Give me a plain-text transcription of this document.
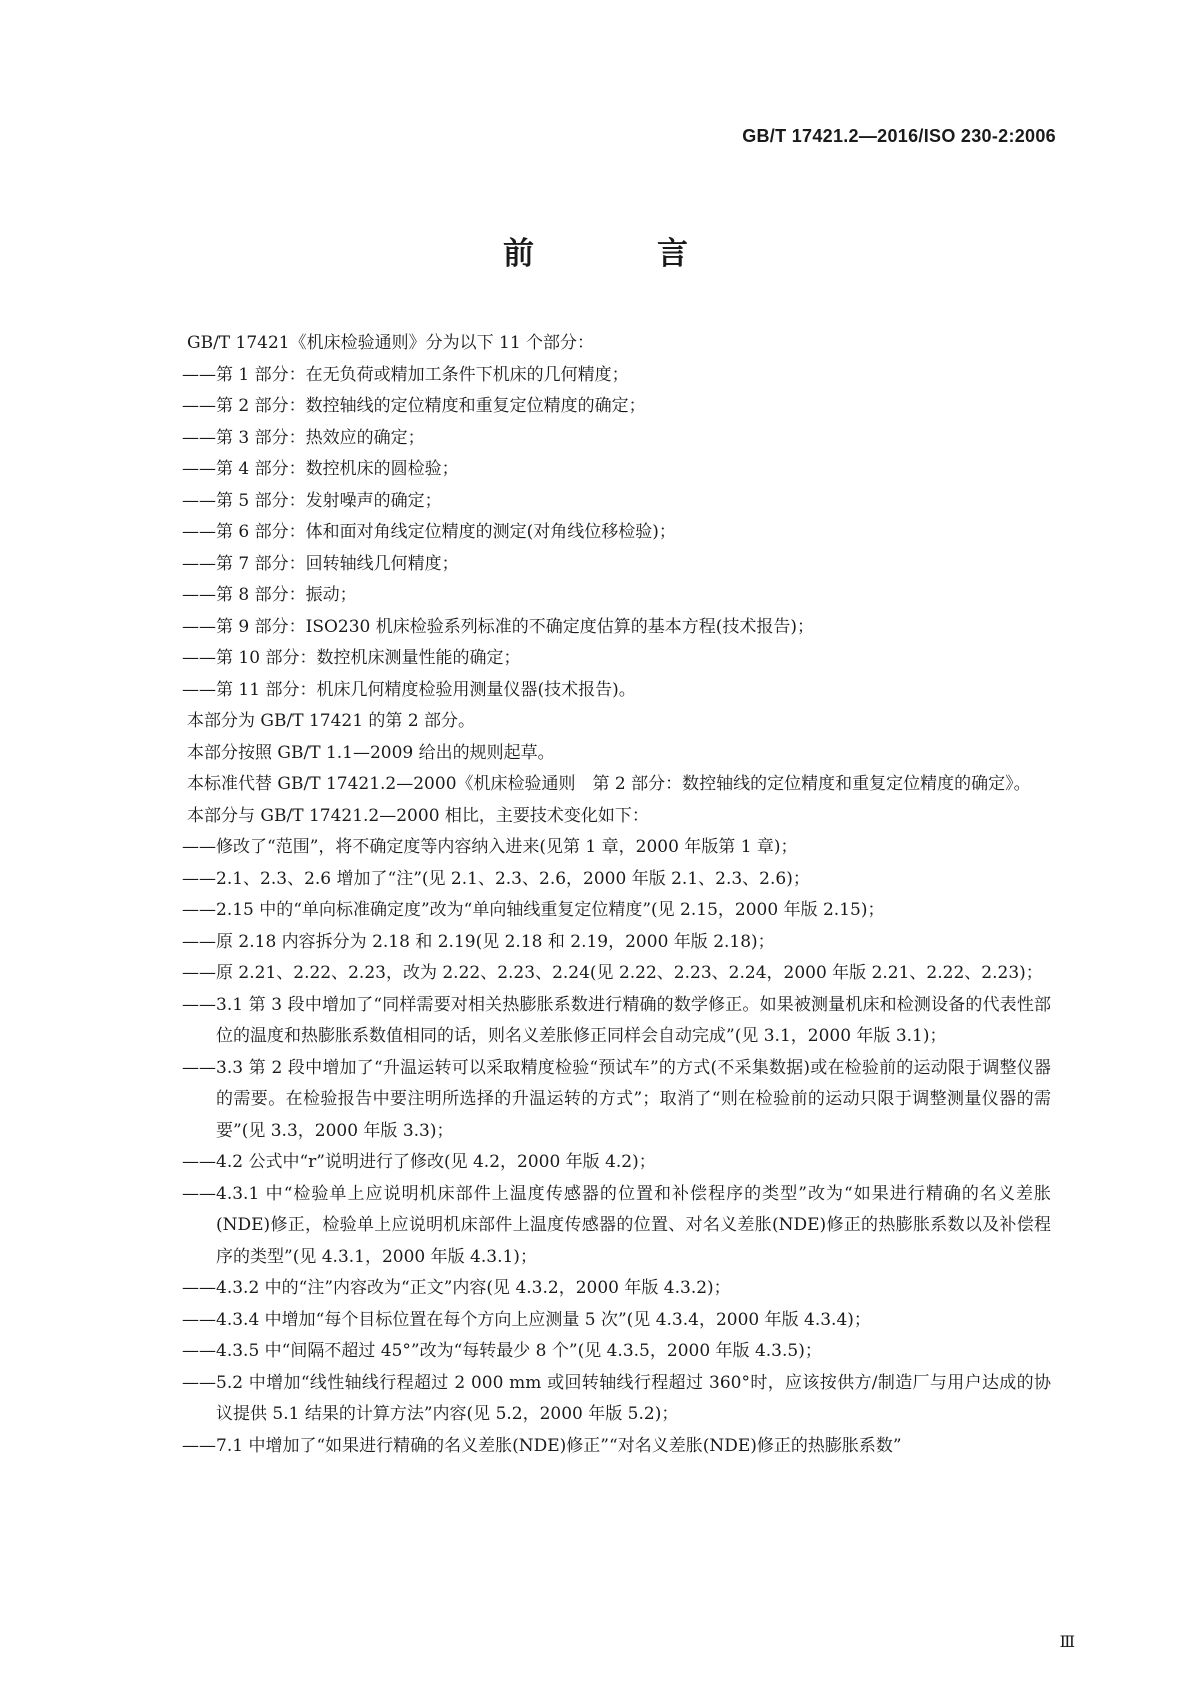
GB/T 17421.2—2016/ISO 230-2:2006
前　言

GB/T 17421《机床检验通则》分为以下 11 个部分：

—— 第 1 部分：在无负荷或精加工条件下机床的几何精度；

—— 第 2 部分：数控轴线的定位精度和重复定位精度的确定；

—— 第 3 部分：热效应的确定；

—— 第 4 部分：数控机床的圆检验；

—— 第 5 部分：发射噪声的确定；

—— 第 6 部分：体和面对角线定位精度的测定(对角线位移检验)；

—— 第 7 部分：回转轴线几何精度；

—— 第 8 部分：振动；

—— 第 9 部分：ISO230 机床检验系列标准的不确定度估算的基本方程(技术报告)；

—— 第 10 部分：数控机床测量性能的确定；

—— 第 11 部分：机床几何精度检验用测量仪器(技术报告)。

本部分为 GB/T 17421 的第 2 部分。

本部分按照 GB/T 1.1—2009 给出的规则起草。

本标准代替 GB/T 17421.2—2000《机床检验通则　第 2 部分：数控轴线的定位精度和重复定位精度的确定》。

本部分与 GB/T 17421.2—2000 相比，主要技术变化如下：

—— 修改了“范围”，将不确定度等内容纳入进来(见第 1 章，2000 年版第 1 章)；

—— 2.1、2.3、2.6 增加了“注”(见 2.1、2.3、2.6，2000 年版 2.1、2.3、2.6)；

—— 2.15 中的“单向标准确定度”改为“单向轴线重复定位精度”(见 2.15，2000 年版 2.15)；

—— 原 2.18 内容拆分为 2.18 和 2.19(见 2.18 和 2.19，2000 年版 2.18)；

—— 原 2.21、2.22、2.23，改为 2.22、2.23、2.24(见 2.22、2.23、2.24，2000 年版 2.21、2.22、2.23)；

—— 3.1 第 3 段中增加了“同样需要对相关热膨胀系数进行精确的数学修正。如果被测量机床和检测设备的代表性部位的温度和热膨胀系数值相同的话，则名义差胀修正同样会自动完成”(见 3.1，2000 年版 3.1)；

—— 3.3 第 2 段中增加了“升温运转可以采取精度检验“预试车”的方式(不采集数据)或在检验前的运动限于调整仪器的需要。在检验报告中要注明所选择的升温运转的方式”；取消了“则在检验前的运动只限于调整测量仪器的需要”(见 3.3，2000 年版 3.3)；

—— 4.2 公式中“r”说明进行了修改(见 4.2，2000 年版 4.2)；

—— 4.3.1 中“检验单上应说明机床部件上温度传感器的位置和补偿程序的类型”改为“如果进行精确的名义差胀(NDE)修正，检验单上应说明机床部件上温度传感器的位置、对名义差胀(NDE)修正的热膨胀系数以及补偿程序的类型”(见 4.3.1，2000 年版 4.3.1)；

—— 4.3.2 中的“注”内容改为“正文”内容(见 4.3.2，2000 年版 4.3.2)；

—— 4.3.4 中增加“每个目标位置在每个方向上应测量 5 次”(见 4.3.4，2000 年版 4.3.4)；

—— 4.3.5 中“间隔不超过 45°”改为“每转最少 8 个”(见 4.3.5，2000 年版 4.3.5)；

—— 5.2 中增加“线性轴线行程超过 2 000 mm 或回转轴线行程超过 360°时，应该按供方/制造厂与用户达成的协议提供 5.1 结果的计算方法”内容(见 5.2，2000 年版 5.2)；

—— 7.1 中增加了“如果进行精确的名义差胀(NDE)修正”“对名义差胀(NDE)修正的热膨胀系数”

Ⅲ
